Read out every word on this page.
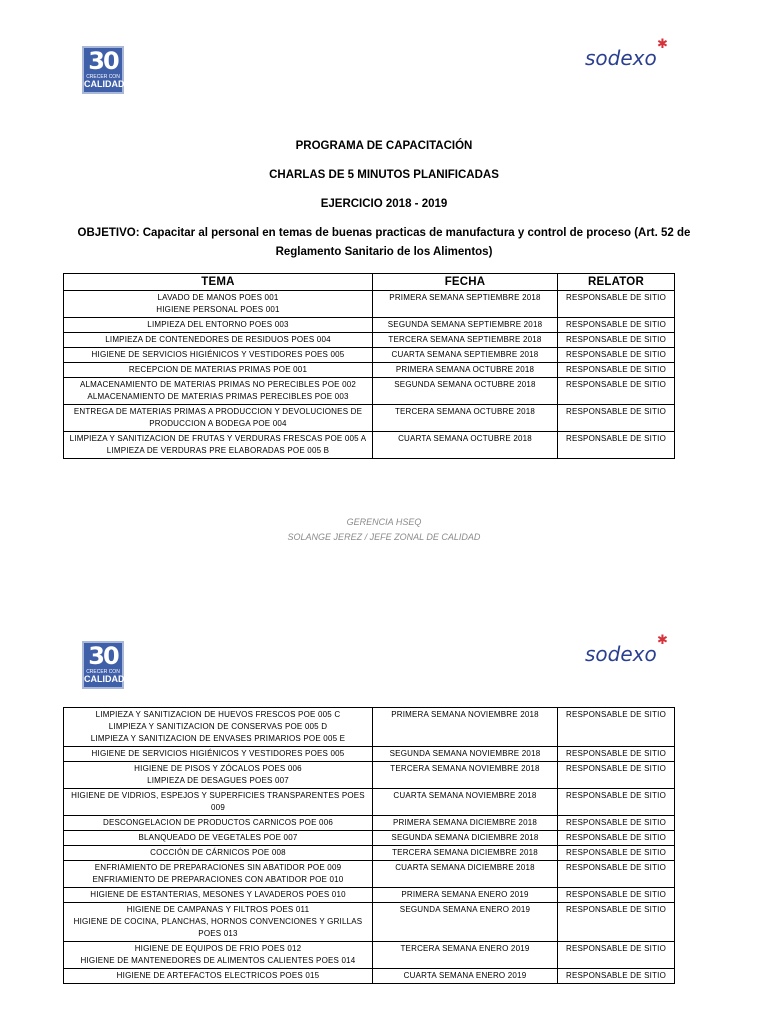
30
CRECER CON
CALIDAD
sodexo
✱
PROGRAMA DE CAPACITACIÓN
CHARLAS DE 5 MINUTOS PLANIFICADAS
EJERCICIO 2018 - 2019
OBJETIVO: Capacitar al personal en temas de buenas practicas de manufactura y control de proceso (Art. 52 de
Reglamento Sanitario de los Alimentos)
TEMA	FECHA	RELATOR

LAVADO DE MANOS POES 001
HIGIENE PERSONAL POES 001	PRIMERA SEMANA SEPTIEMBRE 2018	RESPONSABLE DE SITIO

LIMPIEZA DEL ENTORNO POES 003	SEGUNDA SEMANA SEPTIEMBRE 2018	RESPONSABLE DE SITIO

LIMPIEZA DE CONTENEDORES DE RESIDUOS POES 004	TERCERA SEMANA SEPTIEMBRE 2018	RESPONSABLE DE SITIO

HIGIENE DE SERVICIOS HIGIÉNICOS Y VESTIDORES POES 005	CUARTA SEMANA SEPTIEMBRE 2018	RESPONSABLE DE SITIO

RECEPCION DE MATERIAS PRIMAS POE 001	PRIMERA SEMANA OCTUBRE 2018	RESPONSABLE DE SITIO

ALMACENAMIENTO DE MATERIAS PRIMAS NO PERECIBLES POE 002
ALMACENAMIENTO DE MATERIAS PRIMAS PERECIBLES POE 003	SEGUNDA SEMANA OCTUBRE 2018	RESPONSABLE DE SITIO

ENTREGA DE MATERIAS PRIMAS A PRODUCCION Y DEVOLUCIONES DE PRODUCCION A BODEGA POE 004	TERCERA SEMANA OCTUBRE 2018	RESPONSABLE DE SITIO

LIMPIEZA Y SANITIZACION DE FRUTAS Y VERDURAS FRESCAS POE 005 A
LIMPIEZA DE VERDURAS PRE ELABORADAS POE 005 B	CUARTA SEMANA OCTUBRE 2018	RESPONSABLE DE SITIO
GERENCIA HSEQ
SOLANGE JEREZ / JEFE ZONAL DE CALIDAD
30
CRECER CON
CALIDAD
sodexo
✱
LIMPIEZA Y SANITIZACION DE HUEVOS FRESCOS POE 005 C
LIMPIEZA Y SANITIZACION DE CONSERVAS POE 005 D
LIMPIEZA Y SANITIZACION DE ENVASES PRIMARIOS POE 005 E	PRIMERA SEMANA NOVIEMBRE 2018	RESPONSABLE DE SITIO

HIGIENE DE SERVICIOS HIGIÉNICOS Y VESTIDORES POES 005	SEGUNDA SEMANA NOVIEMBRE 2018	RESPONSABLE DE SITIO

HIGIENE DE PISOS Y ZÓCALOS POES 006
LIMPIEZA DE DESAGUES POES 007	TERCERA SEMANA NOVIEMBRE 2018	RESPONSABLE DE SITIO

HIGIENE DE VIDRIOS, ESPEJOS Y SUPERFICIES TRANSPARENTES POES 009	CUARTA SEMANA NOVIEMBRE 2018	RESPONSABLE DE SITIO

DESCONGELACION DE PRODUCTOS CARNICOS POE 006	PRIMERA SEMANA DICIEMBRE 2018	RESPONSABLE DE SITIO

BLANQUEADO DE VEGETALES POE 007	SEGUNDA SEMANA DICIEMBRE 2018	RESPONSABLE DE SITIO

COCCIÓN DE CÁRNICOS POE 008	TERCERA SEMANA DICIEMBRE 2018	RESPONSABLE DE SITIO

ENFRIAMIENTO DE PREPARACIONES SIN ABATIDOR POE 009
ENFRIAMIENTO DE PREPARACIONES CON ABATIDOR POE 010	CUARTA SEMANA DICIEMBRE 2018	RESPONSABLE DE SITIO

HIGIENE DE ESTANTERIAS, MESONES Y LAVADEROS POES 010	PRIMERA SEMANA ENERO 2019	RESPONSABLE DE SITIO

HIGIENE DE CAMPANAS Y FILTROS POES 011
HIGIENE DE COCINA, PLANCHAS, HORNOS CONVENCIONES Y GRILLAS POES 013	SEGUNDA SEMANA ENERO 2019	RESPONSABLE DE SITIO

HIGIENE DE EQUIPOS DE FRIO POES 012
HIGIENE DE MANTENEDORES DE ALIMENTOS CALIENTES POES 014	TERCERA SEMANA ENERO 2019	RESPONSABLE DE SITIO

HIGIENE DE ARTEFACTOS ELECTRICOS POES 015	CUARTA SEMANA ENERO 2019	RESPONSABLE DE SITIO
